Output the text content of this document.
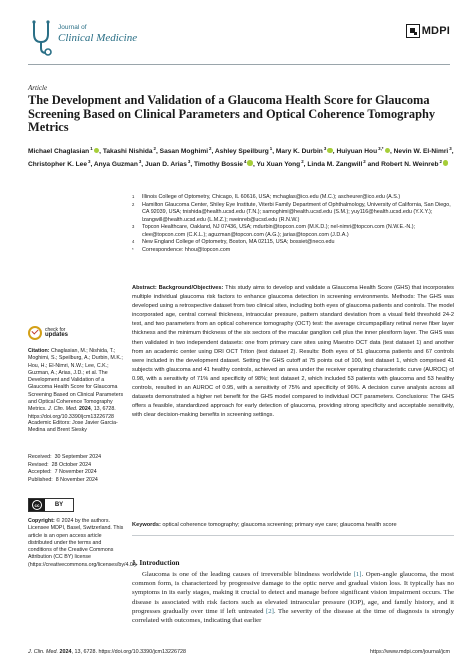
Journal of
Clinical Medicine
MDPI
Article
The Development and Validation of a Glaucoma Health Score for Glaucoma Screening Based on Clinical Parameters and Optical Coherence Tomography Metrics
Michael Chaglasian$^1$ , Takashi Nishida$^2$, Sasan Moghimi$^2$, Ashley Speilburg$^1$, Mary K. Durbin$^3$ , Huiyuan Hou$^{3,*}$ , Nevin W. El-Nimri$^3$, Christopher K. Lee$^3$, Anya Guzman$^3$, Juan D. Arias$^3$, Timothy Bossie$^4$ , Yu Xuan Yong$^2$, Linda M. Zangwill$^2$ and Robert N. Weinreb$^2$
1	Illinois College of Optometry, Chicago, IL 60616, USA; mchaglas@ico.edu (M.C.); ascheurer@ico.edu (A.S.)
2	Hamilton Glaucoma Center, Shiley Eye Institute, Viterbi Family Department of Ophthalmology, University of California, San Diego, CA 92039, USA; tnishida@health.ucsd.edu (T.N.); samoghimi@health.ucsd.edu (S.M.); yuy116@health.ucsd.edu (Y.X.Y.); lzangwill@health.ucsd.edu (L.M.Z.); rweinreb@ucsd.edu (R.N.W.)
3	Topcon Healthcare, Oakland, NJ 07436, USA; mdurbin@topcon.com (M.K.D.); nel-nimri@topcon.com (N.W.E.-N.); clee@topcon.com (C.K.L.); aguzman@topcon.com (A.G.); jarias@topcon.com (J.D.A.)
4	New England College of Optometry, Boston, MA 02115, USA; bossiet@neco.edu
*	Correspondence: hhou@topcon.com
Abstract: Background/Objectives: This study aims to develop and validate a Glaucoma Health Score (GHS) that incorporates multiple individual glaucoma risk factors to enhance glaucoma detection in screening environments. Methods: The GHS was developed using a retrospective dataset from two clinical sites, including both eyes of glaucoma patients and controls. The model incorporated age, central corneal thickness, intraocular pressure, pattern standard deviation from a visual field threshold 24-2 test, and two parameters from an optical coherence tomography (OCT) test: the average circumpapillary retinal nerve fiber layer thickness and the minimum thickness of the six sectors of the macular ganglion cell plus the inner plexiform layer. The GHS was then validated in two independent datasets: one from primary care sites using Maestro OCT data (test dataset 1) and another from an academic center using DRI OCT Triton (test dataset 2). Results: Both eyes of 51 glaucoma patients and 67 controls were included in the development dataset. Setting the GHS cutoff at 75 points out of 100, test dataset 1, which comprised 41 subjects with glaucoma and 41 healthy controls, achieved an area under the receiver operating characteristic curve (AUROC) of 0.98, with a sensitivity of 71% and specificity of 98%; test dataset 2, which included 53 patients with glaucoma and 53 healthy controls, resulted in an AUROC of 0.95, with a sensitivity of 75% and specificity of 96%. A decision curve analysis across all datasets demonstrated a higher net benefit for the GHS model compared to individual OCT parameters. Conclusions: The GHS offers a feasible, standardized approach for early detection of glaucoma, providing strong specificity and acceptable sensitivity, with clear decision-making benefits in screening settings.
Keywords: optical coherence tomography; glaucoma screening; primary eye care; glaucoma health score
1. Introduction
Glaucoma is one of the leading causes of irreversible blindness worldwide [1]. Open-angle glaucoma, the most common form, is characterized by progressive damage to the optic nerve and gradual vision loss. It typically has no symptoms in its early stages, making it crucial to detect and manage before significant vision impairment occurs. The disease is associated with risk factors such as elevated intraocular pressure (IOP), age, and family history, and it progresses gradually over time if left untreated [2]. The severity of the disease at the time of diagnosis is strongly correlated with outcomes, indicating that earlier
check for
updates
Citation: Chaglasian, M.; Nishida, T.; Moghimi, S.; Speilburg, A.; Durbin, M.K.; Hou, H.; El-Nimri, N.W.; Lee, C.K.; Guzman, A.; Arias, J.D.; et al. The Development and Validation of a Glaucoma Health Score for Glaucoma Screening Based on Clinical Parameters and Optical Coherence Tomography Metrics. J. Clin. Med. 2024, 13, 6728. https://doi.org/10.3390/jcm13226728
Academic Editors: Jose Javier Garcia-Medina and Brent Siesky
Received: 30 September 2024
Revised: 28 October 2024
Accepted: 7 November 2024
Published: 8 November 2024
cc	BY
Copyright: © 2024 by the authors. Licensee MDPI, Basel, Switzerland. This article is an open access article distributed under the terms and conditions of the Creative Commons Attribution (CC BY) license (https://creativecommons.org/licenses/by/4.0/).
J. Clin. Med. 2024, 13, 6728. https://doi.org/10.3390/jcm13226728	https://www.mdpi.com/journal/jcm
